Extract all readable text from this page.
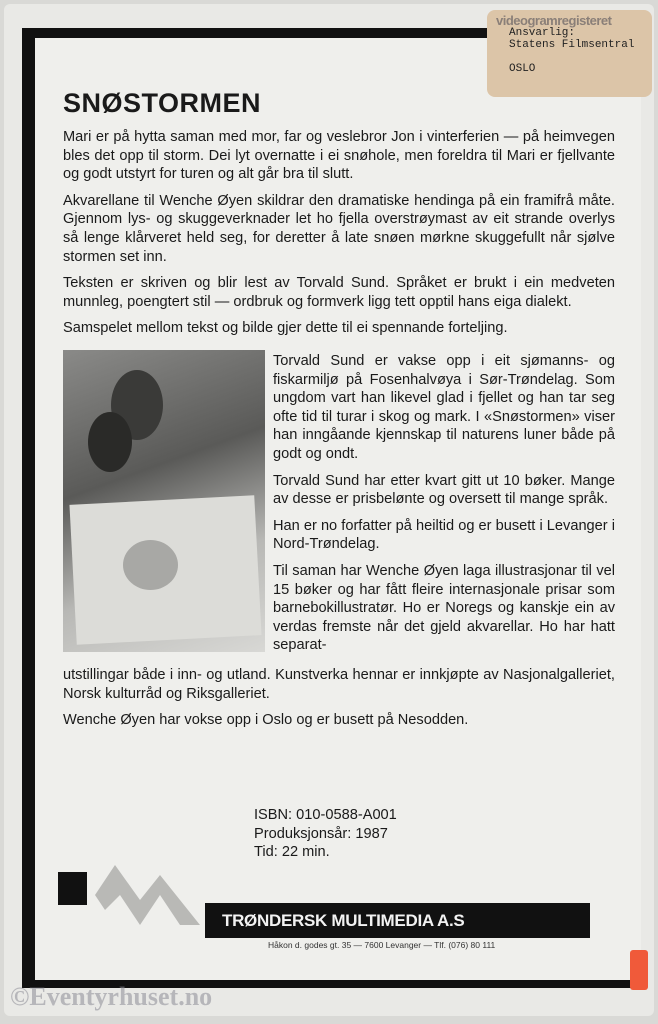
videogramregisteret
Ansvarlig:
Statens Filmsentral
OSLO
SNØSTORMEN

Mari er på hytta saman med mor, far og veslebror Jon i vinterferien — på heimvegen bles det opp til storm. Dei lyt overnatte i ei snøhole, men foreldra til Mari er fjellvante og godt utstyrt for turen og alt går bra til slutt.

Akvarellane til Wenche Øyen skildrar den dramatiske hendinga på ein framifrå måte. Gjennom lys- og skuggeverknader let ho fjella overstrøymast av eit strande overlys så lenge klårveret held seg, for deretter å late snøen mørkne skuggefullt når sjølve stormen set inn.

Teksten er skriven og blir lest av Torvald Sund. Språket er brukt i ein medveten munnleg, poengtert stil — ordbruk og formverk ligg tett opptil hans eiga dialekt.

Samspelet mellom tekst og bilde gjer dette til ei spennande forteljing.

Torvald Sund er vakse opp i eit sjømanns- og fiskarmiljø på Fosenhalvøya i Sør-Trøndelag. Som ungdom vart han likevel glad i fjellet og han tar seg ofte tid til turar i skog og mark. I «Snøstormen» viser han inngåande kjennskap til naturens luner både på godt og ondt.

Torvald Sund har etter kvart gitt ut 10 bøker. Mange av desse er prisbelønte og oversett til mange språk.

Han er no forfatter på heiltid og er busett i Levanger i Nord-Trøndelag.

Til saman har Wenche Øyen laga illustrasjonar til vel 15 bøker og har fått fleire internasjonale prisar som barnebokillustratør. Ho er Noregs og kanskje ein av verdas fremste når det gjeld akvarellar. Ho har hatt separat-

utstillingar både i inn- og utland. Kunstverka hennar er innkjøpte av Nasjonalgalleriet, Norsk kulturråd og Riksgalleriet.

Wenche Øyen har vokse opp i Oslo og er busett på Nesodden.

ISBN: 010-0588-A001
Produksjonsår: 1987
Tid: 22 min.
TRØNDERSK MULTIMEDIA A.S
Håkon d. godes gt. 35 — 7600 Levanger — Tlf. (076) 80 111
©Eventyrhuset.no
